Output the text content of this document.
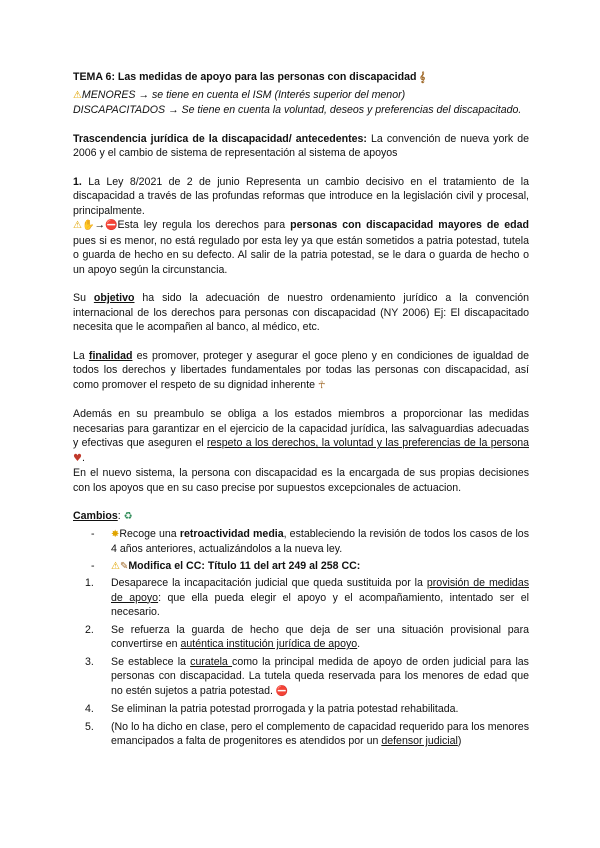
TEMA 6: Las medidas de apoyo para las personas con discapacidad 𝄞

⚠MENORES → se tiene en cuenta el ISM (Interés superior del menor)

DISCAPACITADOS → Se tiene en cuenta la voluntad, deseos y preferencias del discapacitado.

Trascendencia jurídica de la discapacidad/ antecedentes: La convención de nueva york de 2006 y el cambio de sistema de representación al sistema de apoyos

1. La Ley 8/2021 de 2 de junio Representa un cambio decisivo en el tratamiento de la discapacidad a través de las profundas reformas que introduce en la legislación civil y procesal, principalmente.

⚠✋→⛔Esta ley regula los derechos para personas con discapacidad mayores de edad pues si es menor, no está regulado por esta ley ya que están sometidos a patria potestad, tutela o guarda de hecho en su defecto. Al salir de la patria potestad, se le dara o guarda de hecho o un apoyo según la circunstancia.

Su objetivo ha sido la adecuación de nuestro ordenamiento jurídico a la convención internacional de los derechos para personas con discapacidad (NY 2006) Ej: El discapacitado necesita que le acompañen al banco, al médico, etc.

La finalidad es promover, proteger y asegurar el goce pleno y en condiciones de igualdad de todos los derechos y libertades fundamentales por todas las personas con discapacidad, así como promover el respeto de su dignidad inherente ☥

Además en su preambulo se obliga a los estados miembros a proporcionar las medidas necesarias para garantizar en el ejercicio de la capacidad jurídica, las salvaguardias adecuadas y efectivas que aseguren el respeto a los derechos, la voluntad y las preferencias de la persona ♥.

En el nuevo sistema, la persona con discapacidad es la encargada de sus propias decisiones con los apoyos que en su caso precise por supuestos excepcionales de actuacion.

Cambios: ♻

- ✸Recoge una retroactividad media, estableciendo la revisión de todos los casos de los 4 años anteriores, actualizándolos a la nueva ley.
- ⚠✎Modifica el CC: Título 11 del art 249 al 258 CC:
1. Desaparece la incapacitación judicial que queda sustituida por la provisión de medidas de apoyo: que ella pueda elegir el apoyo y el acompañamiento, intentado ser el necesario.
2. Se refuerza la guarda de hecho que deja de ser una situación provisional para convertirse en auténtica institución jurídica de apoyo.
3. Se establece la curatela como la principal medida de apoyo de orden judicial para las personas con discapacidad. La tutela queda reservada para los menores de edad que no estén sujetos a patria potestad. ⛔
4. Se eliminan la patria potestad prorrogada y la patria potestad rehabilitada.
5. (No lo ha dicho en clase, pero el complemento de capacidad requerido para los menores emancipados a falta de progenitores es atendidos por un defensor judicial)
